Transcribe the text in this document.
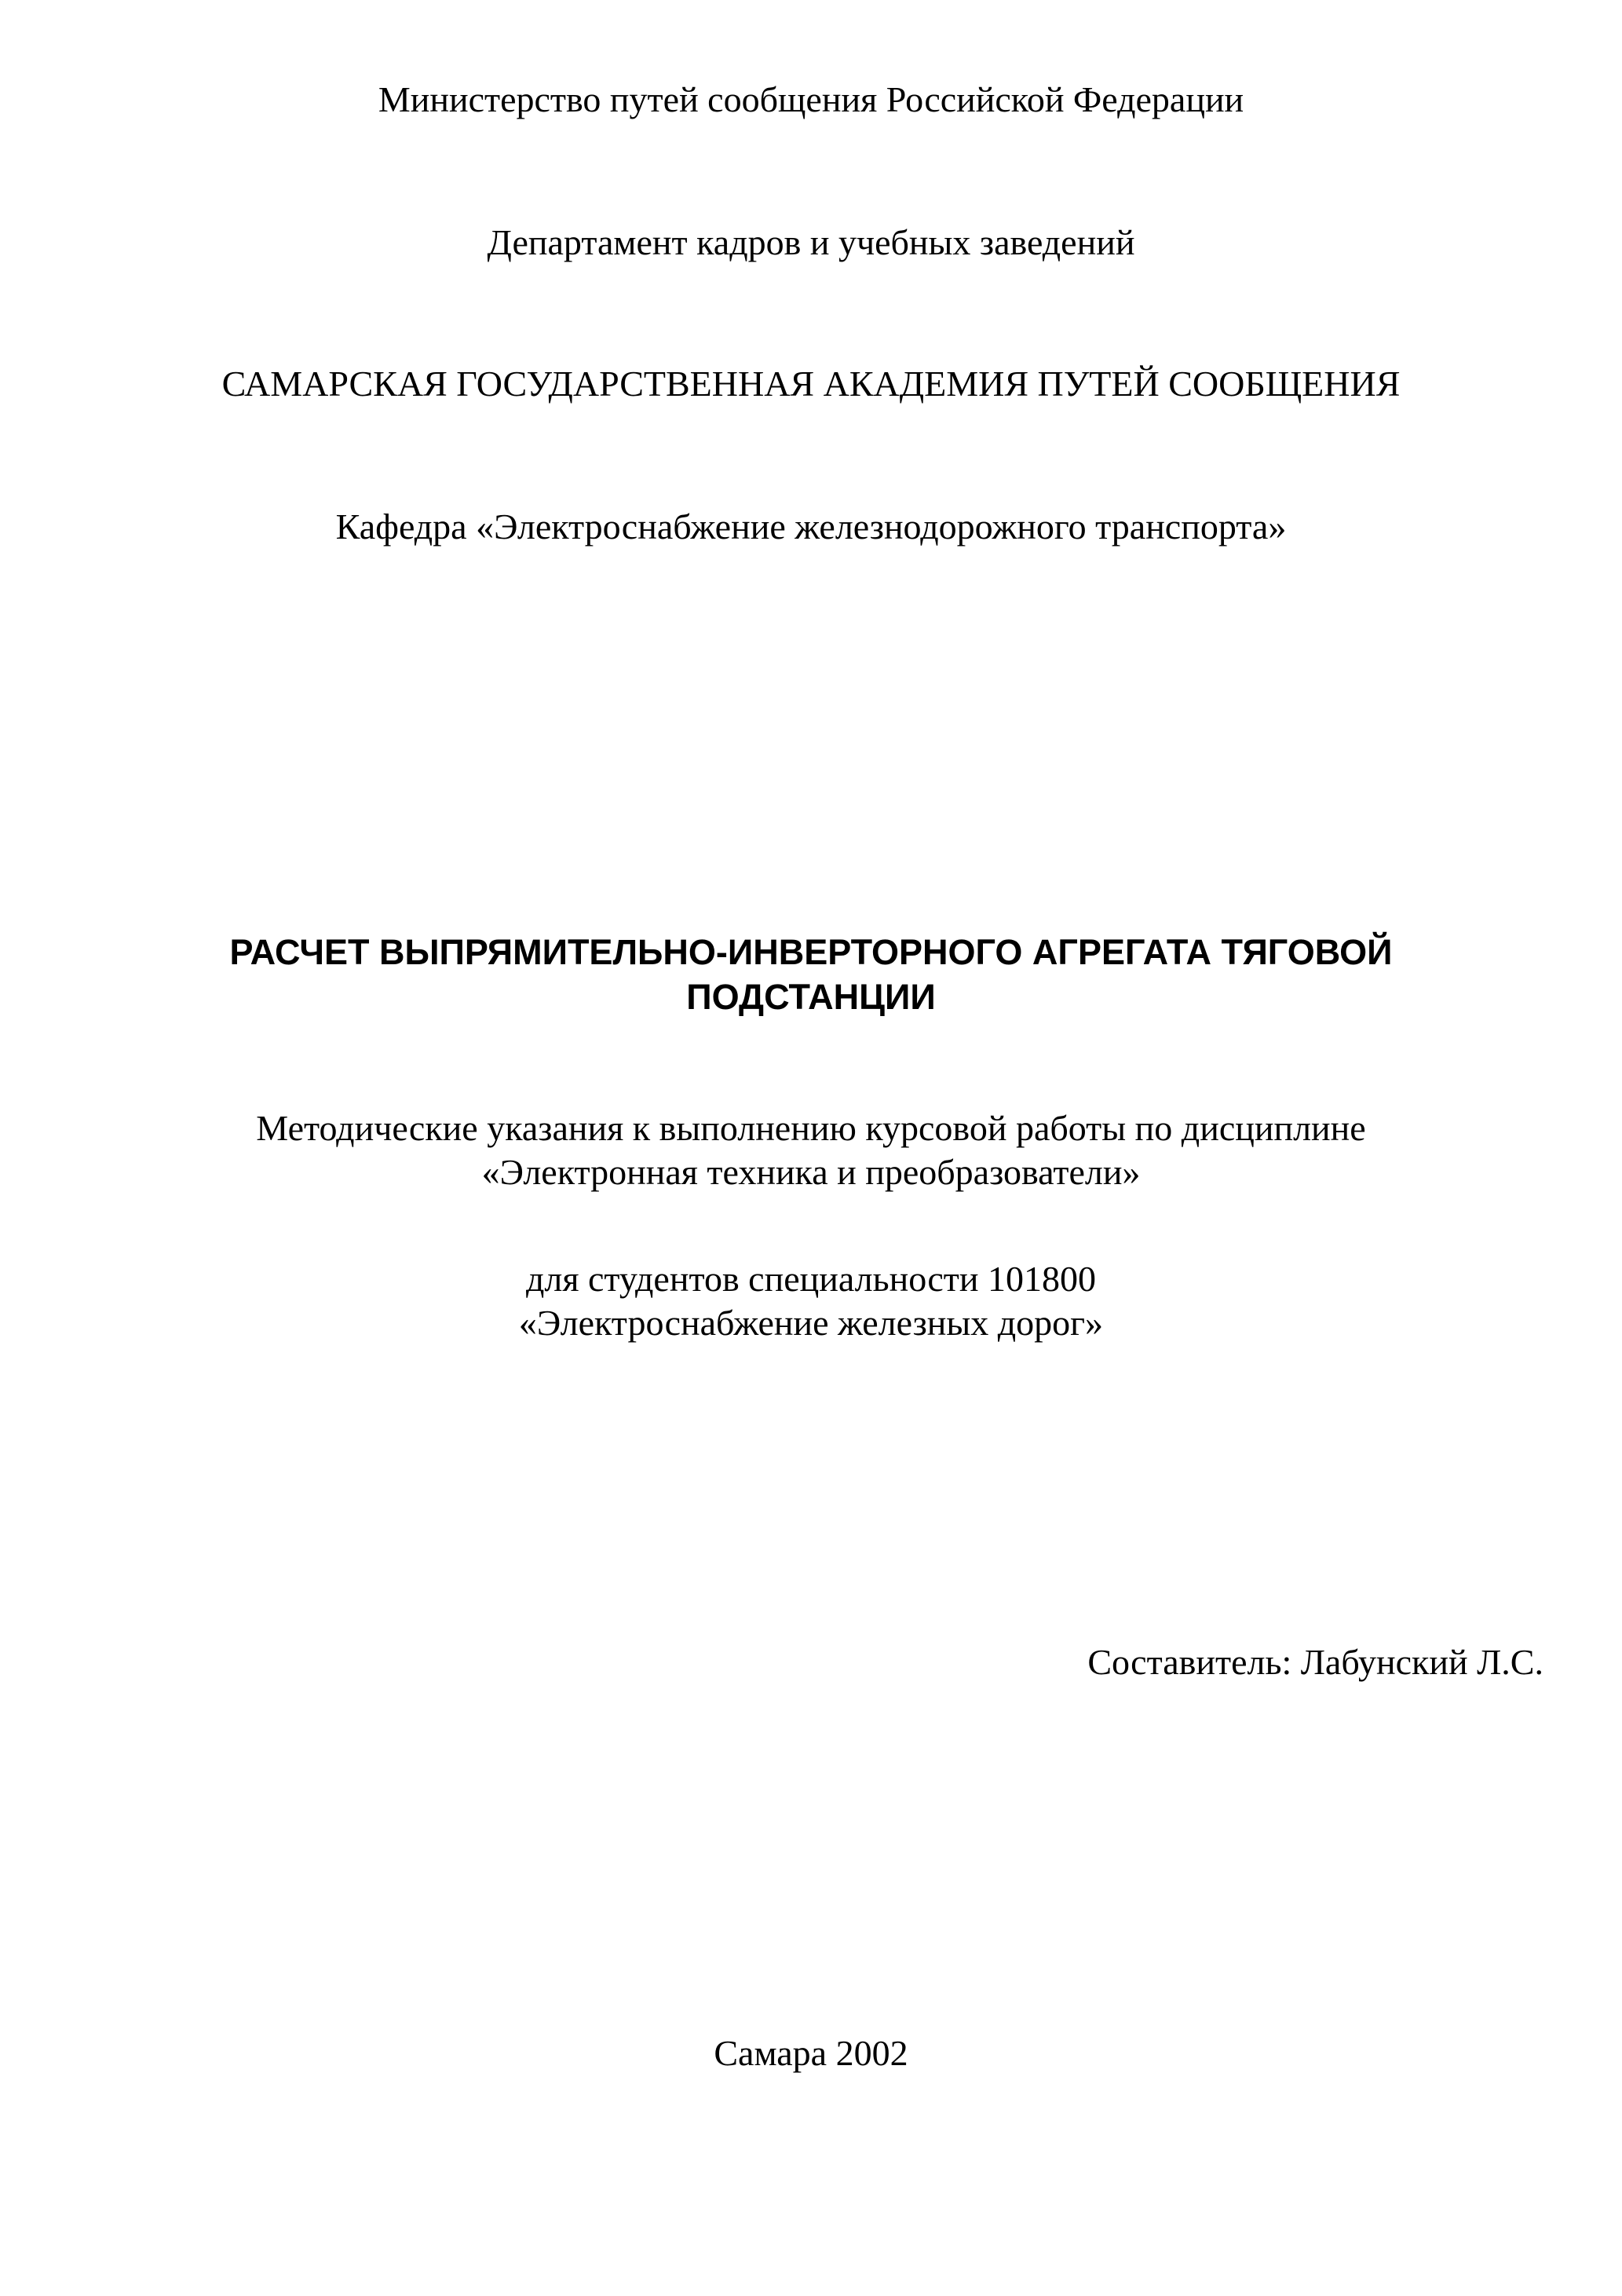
Министерство путей сообщения Российской Федерации
Департамент кадров и учебных заведений
САМАРСКАЯ ГОСУДАРСТВЕННАЯ АКАДЕМИЯ ПУТЕЙ СООБЩЕНИЯ
Кафедра «Электроснабжение железнодорожного транспорта»
РАСЧЕТ ВЫПРЯМИТЕЛЬНО-ИНВЕРТОРНОГО АГРЕГАТА ТЯГОВОЙ
ПОДСТАНЦИИ
Методические указания к выполнению курсовой работы по дисциплине
«Электронная техника и преобразователи»
для студентов специальности 101800
«Электроснабжение железных дорог»
Составитель: Лабунский Л.С.
Самара 2002
